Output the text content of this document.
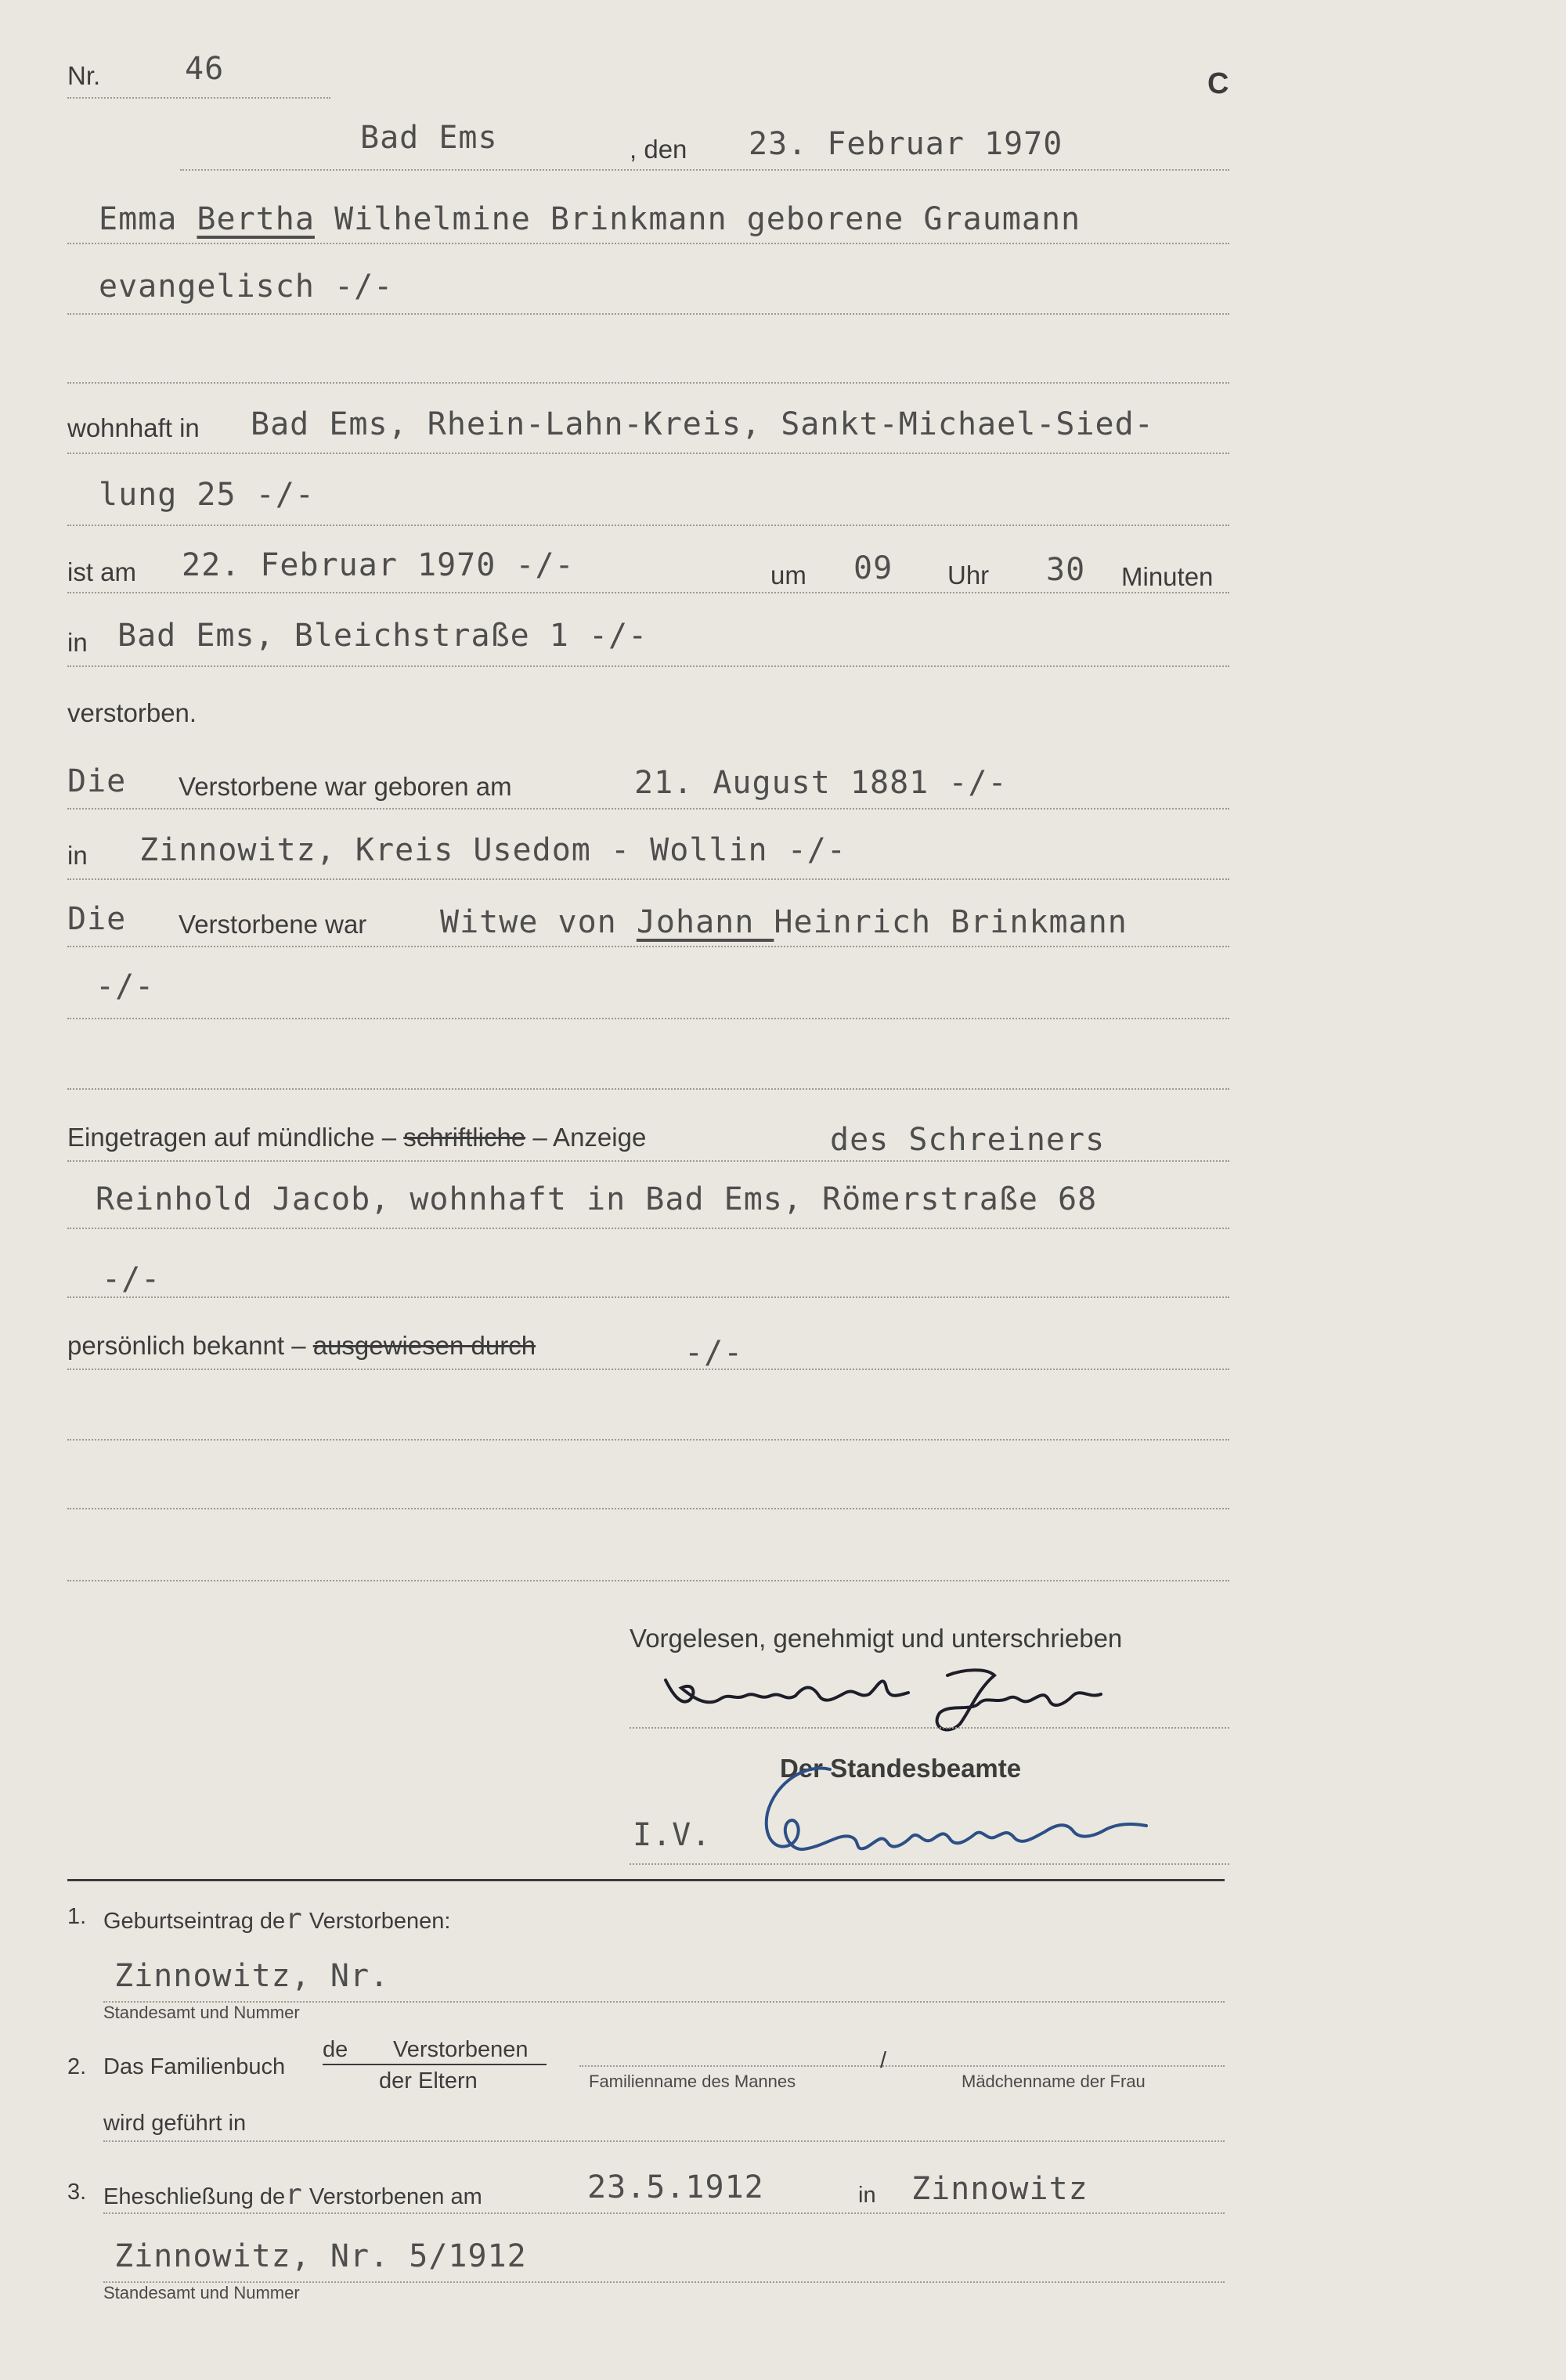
Nr.	46	C
Bad Ems	, den 23. Februar 1970
Emma Bertha Wilhelmine Brinkmann geborene Graumann
evangelisch -/-
wohnhaft in Bad Ems, Rhein-Lahn-Kreis, Sankt-Michael-Sied-
lung 25 -/-
ist am 22. Februar 1970 -/-	um 09 Uhr 30 Minuten
in Bad Ems, Bleichstraße 1 -/-
verstorben.
Die Verstorbene war geboren am	21. August 1881 -/-
in Zinnowitz, Kreis Usedom - Wollin -/-
Die Verstorbene war Witwe von Johann Heinrich Brinkmann
-/-
Eingetragen auf mündliche – schriftliche – Anzeige	des Schreiners
Reinhold Jacob, wohnhaft in Bad Ems, Römerstraße 68
-/-
persönlich bekannt – ausgewiesen durch	-/-
Vorgelesen, genehmigt und unterschrieben
Der Standesbeamte
I.V.
1. Geburtseintrag der Verstorbenen:
Zinnowitz, Nr.
Standesamt und Nummer
2. Das Familienbuch
de Verstorbenen
der Eltern	Familienname des Mannes
/
Mädchenname der Frau
wird geführt in
3. Eheschließung der Verstorbenen am	23.5.1912	in Zinnowitz
Zinnowitz, Nr. 5/1912
Standesamt und Nummer
